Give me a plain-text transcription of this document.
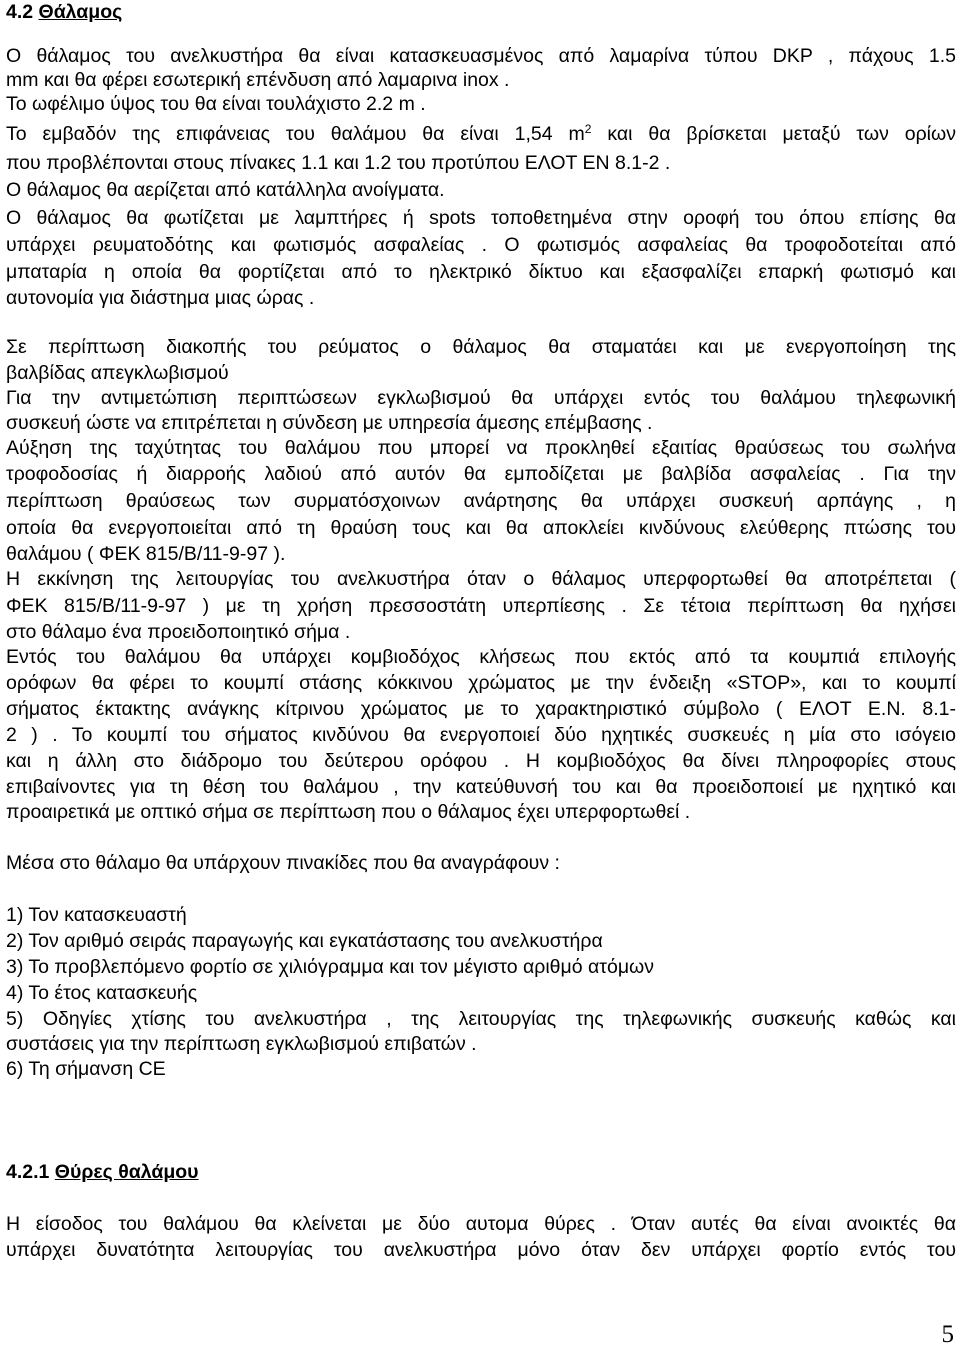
4.2 Θάλαμος
Ο θάλαμος του ανελκυστήρα θα είναι κατασκευασμένος από λαμαρίνα τύπου DKP , πάχους 1.5
mm και θα φέρει εσωτερική επένδυση από λαμαρινα inox .
Το ωφέλιμο ύψος του θα είναι τουλάχιστο 2.2 m .
Το εμβαδόν της επιφάνειας του θαλάμου θα είναι 1,54 $m^2$ και θα βρίσκεται μεταξύ των ορίων
που προβλέπονται στους πίνακες 1.1 και 1.2 του προτύπου ΕΛΟΤ ΕΝ 8.1-2 .
Ο θάλαμος θα αερίζεται από κατάλληλα ανοίγματα.
Ο θάλαμος θα φωτίζεται με λαμπτήρες ή spots τοποθετημένα στην οροφή του όπου επίσης θα
υπάρχει ρευματοδότης και φωτισμός ασφαλείας . Ο φωτισμός ασφαλείας θα τροφοδοτείται από
μπαταρία η οποία θα φορτίζεται από το ηλεκτρικό δίκτυο και εξασφαλίζει επαρκή φωτισμό και
αυτονομία για διάστημα μιας ώρας .
Σε περίπτωση διακοπής του ρεύματος ο θάλαμος θα σταματάει και με ενεργοποίηση της
βαλβίδας απεγκλωβισμού
Για την αντιμετώπιση περιπτώσεων εγκλωβισμού θα υπάρχει εντός του θαλάμου τηλεφωνική
συσκευή ώστε να επιτρέπεται η σύνδεση με υπηρεσία άμεσης επέμβασης .
Αύξηση της ταχύτητας του θαλάμου που μπορεί να προκληθεί εξαιτίας θραύσεως του σωλήνα
τροφοδοσίας ή διαρροής λαδιού από αυτόν θα εμποδίζεται με βαλβίδα ασφαλείας . Για την
περίπτωση θραύσεως των συρματόσχοινων ανάρτησης θα υπάρχει συσκευή αρπάγης , η
οποία θα ενεργοποιείται από τη θραύση τους και θα αποκλείει κινδύνους ελεύθερης πτώσης του
θαλάμου ( ΦΕΚ 815/Β/11-9-97 ).
Η εκκίνηση της λειτουργίας του ανελκυστήρα όταν ο θάλαμος υπερφορτωθεί θα αποτρέπεται (
ΦΕΚ 815/Β/11-9-97 ) με τη χρήση πρεσσοστάτη υπερπίεσης . Σε τέτοια περίπτωση θα ηχήσει
στο θάλαμο ένα προειδοποιητικό σήμα .
Εντός του θαλάμου θα υπάρχει κομβιοδόχος κλήσεως που εκτός από τα κουμπιά επιλογής
ορόφων θα φέρει το κουμπί στάσης κόκκινου χρώματος με την ένδειξη «STOP», και το κουμπί
σήματος έκτακτης ανάγκης κίτρινου χρώματος με το χαρακτηριστικό σύμβολο ( ΕΛΟΤ Ε.Ν. 8.1-
2 ) . Το κουμπί του σήματος κινδύνου θα ενεργοποιεί δύο ηχητικές συσκευές η μία στο ισόγειο
και η άλλη στο διάδρομο του δεύτερου ορόφου . Η κομβιοδόχος θα δίνει πληροφορίες στους
επιβαίνοντες για τη θέση του θαλάμου , την κατεύθυνσή του και θα προειδοποιεί με ηχητικό και
προαιρετικά με οπτικό σήμα σε περίπτωση που ο θάλαμος έχει υπερφορτωθεί .
Μέσα στο θάλαμο θα υπάρχουν πινακίδες που θα αναγράφουν :
1) Τον κατασκευαστή
2) Τον αριθμό σειράς παραγωγής και εγκατάστασης του ανελκυστήρα
3) Το προβλεπόμενο φορτίο σε χιλιόγραμμα και τον μέγιστο αριθμό ατόμων
4) Το έτος κατασκευής
5) Οδηγίες χτίσης του ανελκυστήρα , της λειτουργίας της τηλεφωνικής συσκευής καθώς και
συστάσεις για την περίπτωση εγκλωβισμού επιβατών .
6) Τη σήμανση CE
4.2.1 Θύρες θαλάμου
Η είσοδος του θαλάμου θα κλείνεται με δύο αυτομα θύρες . Όταν αυτές θα είναι ανοικτές θα
υπάρχει δυνατότητα λειτουργίας του ανελκυστήρα μόνο όταν δεν υπάρχει φορτίο εντός του
5
